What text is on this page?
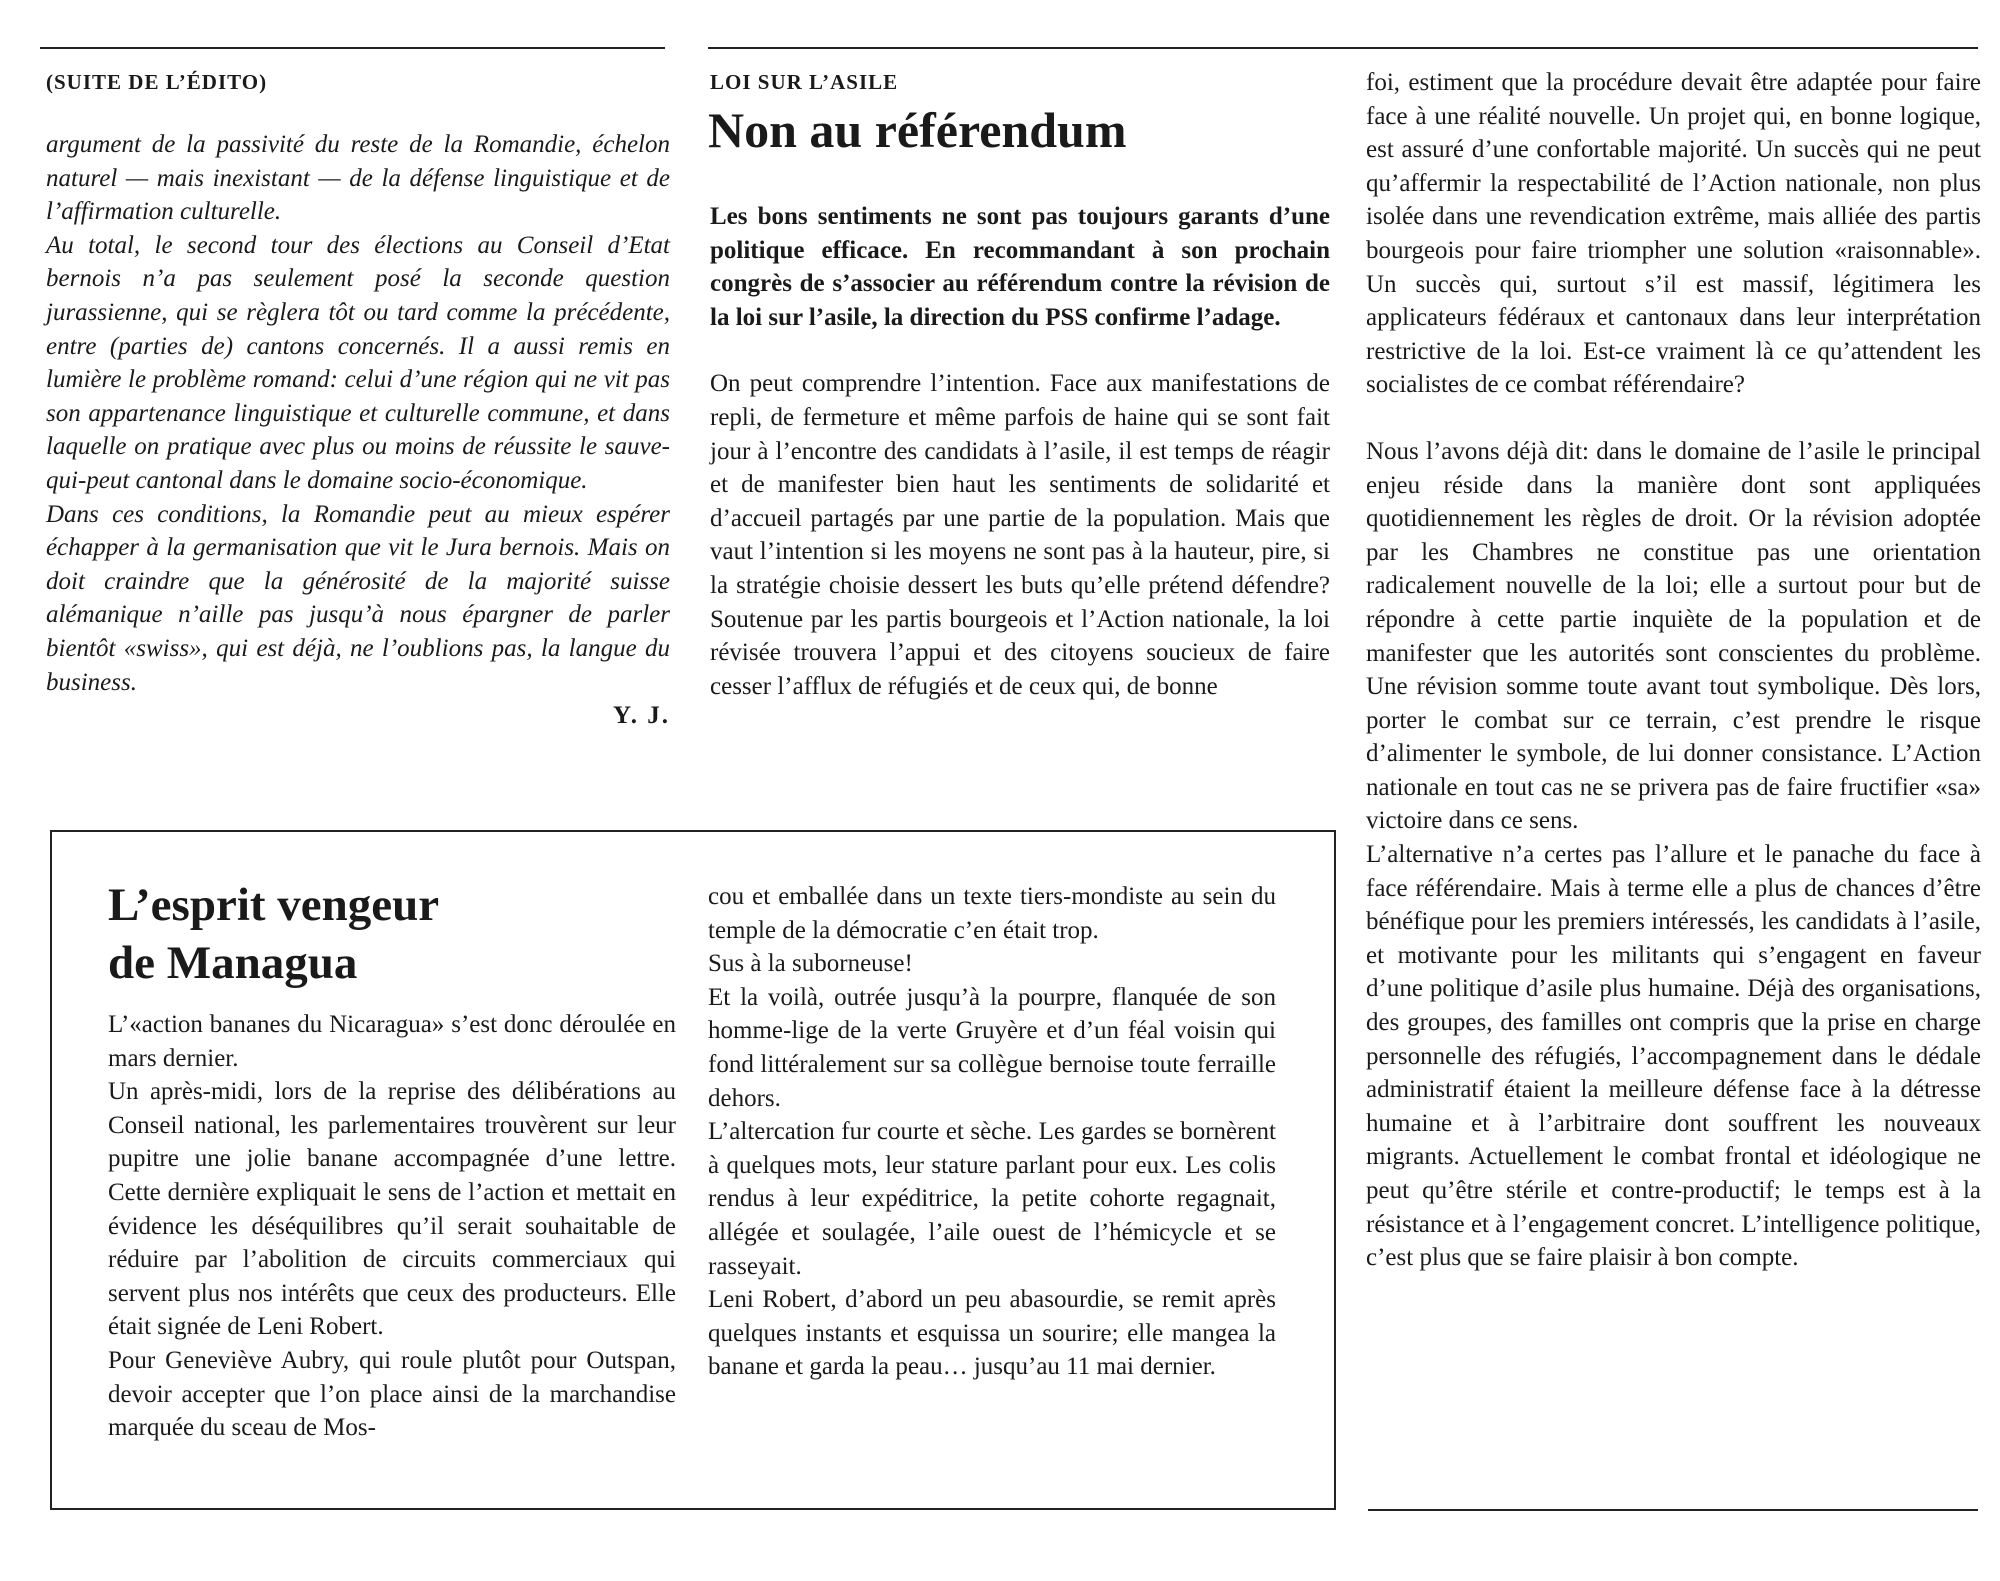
(SUITE DE L’ÉDITO)

argument de la passivité du reste de la Romandie, échelon naturel — mais inexistant — de la défense linguistique et de l’affirmation culturelle.

Au total, le second tour des élections au Conseil d’Etat bernois n’a pas seulement posé la seconde question jurassienne, qui se règlera tôt ou tard comme la précédente, entre (parties de) cantons concernés. Il a aussi remis en lumière le problème romand: celui d’une région qui ne vit pas son appartenance linguistique et culturelle commune, et dans laquelle on pratique avec plus ou moins de réussite le sauve-qui-peut cantonal dans le domaine socio-économique.

Dans ces conditions, la Romandie peut au mieux espérer échapper à la germanisation que vit le Jura bernois. Mais on doit craindre que la générosité de la majorité suisse alémanique n’aille pas jusqu’à nous épargner de parler bientôt «swiss», qui est déjà, ne l’oublions pas, la langue du business.

Y. J.

LOI SUR L’ASILE
Non au référendum

Les bons sentiments ne sont pas toujours garants d’une politique efficace. En recommandant à son prochain congrès de s’associer au référendum contre la révision de la loi sur l’asile, la direction du PSS confirme l’adage.

On peut comprendre l’intention. Face aux manifestations de repli, de fermeture et même parfois de haine qui se sont fait jour à l’encontre des candidats à l’asile, il est temps de réagir et de manifester bien haut les sentiments de solidarité et d’accueil partagés par une partie de la population. Mais que vaut l’intention si les moyens ne sont pas à la hauteur, pire, si la stratégie choisie dessert les buts qu’elle prétend défendre? Soutenue par les partis bourgeois et l’Action nationale, la loi révisée trouvera l’appui et des citoyens soucieux de faire cesser l’afflux de réfugiés et de ceux qui, de bonne

foi, estiment que la procédure devait être adaptée pour faire face à une réalité nouvelle. Un projet qui, en bonne logique, est assuré d’une confortable majorité. Un succès qui ne peut qu’affermir la respectabilité de l’Action nationale, non plus isolée dans une revendication extrême, mais alliée des partis bourgeois pour faire triompher une solution «raisonnable». Un succès qui, surtout s’il est massif, légitimera les applicateurs fédéraux et cantonaux dans leur interprétation restrictive de la loi. Est-ce vraiment là ce qu’attendent les socialistes de ce combat référendaire?

Nous l’avons déjà dit: dans le domaine de l’asile le principal enjeu réside dans la manière dont sont appliquées quotidiennement les règles de droit. Or la révision adoptée par les Chambres ne constitue pas une orientation radicalement nouvelle de la loi; elle a surtout pour but de répondre à cette partie inquiète de la population et de manifester que les autorités sont conscientes du problème. Une révision somme toute avant tout symbolique. Dès lors, porter le combat sur ce terrain, c’est prendre le risque d’alimenter le symbole, de lui donner consistance. L’Action nationale en tout cas ne se privera pas de faire fructifier «sa» victoire dans ce sens.

L’alternative n’a certes pas l’allure et le panache du face à face référendaire. Mais à terme elle a plus de chances d’être bénéfique pour les premiers intéressés, les candidats à l’asile, et motivante pour les militants qui s’engagent en faveur d’une politique d’asile plus humaine. Déjà des organisations, des groupes, des familles ont compris que la prise en charge personnelle des réfugiés, l’accompagnement dans le dédale administratif étaient la meilleure défense face à la détresse humaine et à l’arbitraire dont souffrent les nouveaux migrants. Actuellement le combat frontal et idéologique ne peut qu’être stérile et contre-productif; le temps est à la résistance et à l’engagement concret. L’intelligence politique, c’est plus que se faire plaisir à bon compte.

L’esprit vengeur
de Managua

L’«action bananes du Nicaragua» s’est donc déroulée en mars dernier.

Un après-midi, lors de la reprise des délibérations au Conseil national, les parlementaires trouvèrent sur leur pupitre une jolie banane accompagnée d’une lettre. Cette dernière expliquait le sens de l’action et mettait en évidence les déséquilibres qu’il serait souhaitable de réduire par l’abolition de circuits commerciaux qui servent plus nos intérêts que ceux des producteurs. Elle était signée de Leni Robert.

Pour Geneviève Aubry, qui roule plutôt pour Outspan, devoir accepter que l’on place ainsi de la marchandise marquée du sceau de Mos-

cou et emballée dans un texte tiers-mondiste au sein du temple de la démocratie c’en était trop.

Sus à la suborneuse!

Et la voilà, outrée jusqu’à la pourpre, flanquée de son homme-lige de la verte Gruyère et d’un féal voisin qui fond littéralement sur sa collègue bernoise toute ferraille dehors.

L’altercation fur courte et sèche. Les gardes se bornèrent à quelques mots, leur stature parlant pour eux. Les colis rendus à leur expéditrice, la petite cohorte regagnait, allégée et soulagée, l’aile ouest de l’hémicycle et se rasseyait.

Leni Robert, d’abord un peu abasourdie, se remit après quelques instants et esquissa un sourire; elle mangea la banane et garda la peau… jusqu’au 11 mai dernier.
